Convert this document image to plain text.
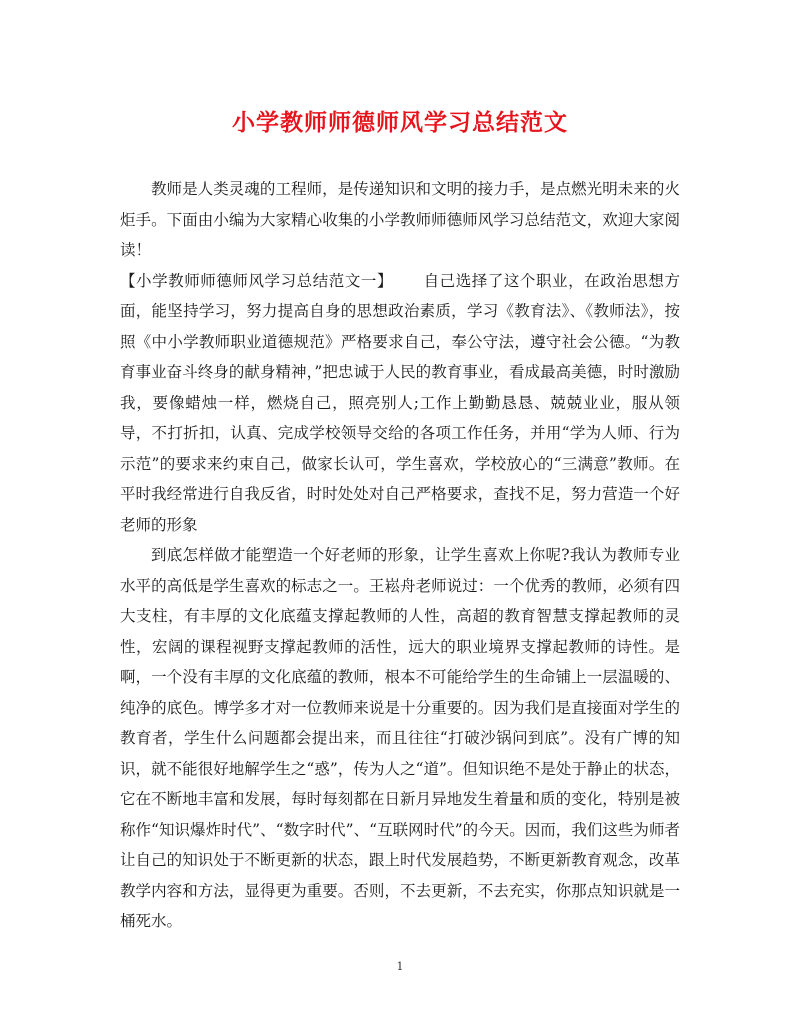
小学教师师德师风学习总结范文

教师是人类灵魂的工程师，是传递知识和文明的接力手，是点燃光明未来的火炬手。下面由小编为大家精心收集的小学教师师德师风学习总结范文，欢迎大家阅读！

【小学教师师德师风学习总结范文一】 自己选择了这个职业，在政治思想方面，能坚持学习，努力提高自身的思想政治素质，学习《教育法》、《教师法》，按照《中小学教师职业道德规范》严格要求自己，奉公守法，遵守社会公德。“为教育事业奋斗终身的献身精神，”把忠诚于人民的教育事业，看成最高美德，时时激励我，要像蜡烛一样，燃烧自己，照亮别人;工作上勤勤恳恳、兢兢业业，服从领导，不打折扣，认真、完成学校领导交给的各项工作任务，并用“学为人师、行为示范”的要求来约束自己，做家长认可，学生喜欢，学校放心的“三满意”教师。在平时我经常进行自我反省，时时处处对自己严格要求，查找不足，努力营造一个好老师的形象

到底怎样做才能塑造一个好老师的形象，让学生喜欢上你呢?我认为教师专业水平的高低是学生喜欢的标志之一。王崧舟老师说过：一个优秀的教师，必须有四大支柱，有丰厚的文化底蕴支撑起教师的人性，高超的教育智慧支撑起教师的灵性，宏阔的课程视野支撑起教师的活性，远大的职业境界支撑起教师的诗性。是啊，一个没有丰厚的文化底蕴的教师，根本不可能给学生的生命铺上一层温暖的、纯净的底色。博学多才对一位教师来说是十分重要的。因为我们是直接面对学生的教育者，学生什么问题都会提出来，而且往往“打破沙锅问到底”。没有广博的知识，就不能很好地解学生之“惑”，传为人之“道”。但知识绝不是处于静止的状态，它在不断地丰富和发展，每时每刻都在日新月异地发生着量和质的变化，特别是被称作“知识爆炸时代”、“数字时代”、“互联网时代”的今天。因而，我们这些为师者让自己的知识处于不断更新的状态，跟上时代发展趋势，不断更新教育观念，改革教学内容和方法，显得更为重要。否则，不去更新，不去充实，你那点知识就是一桶死水。

1
